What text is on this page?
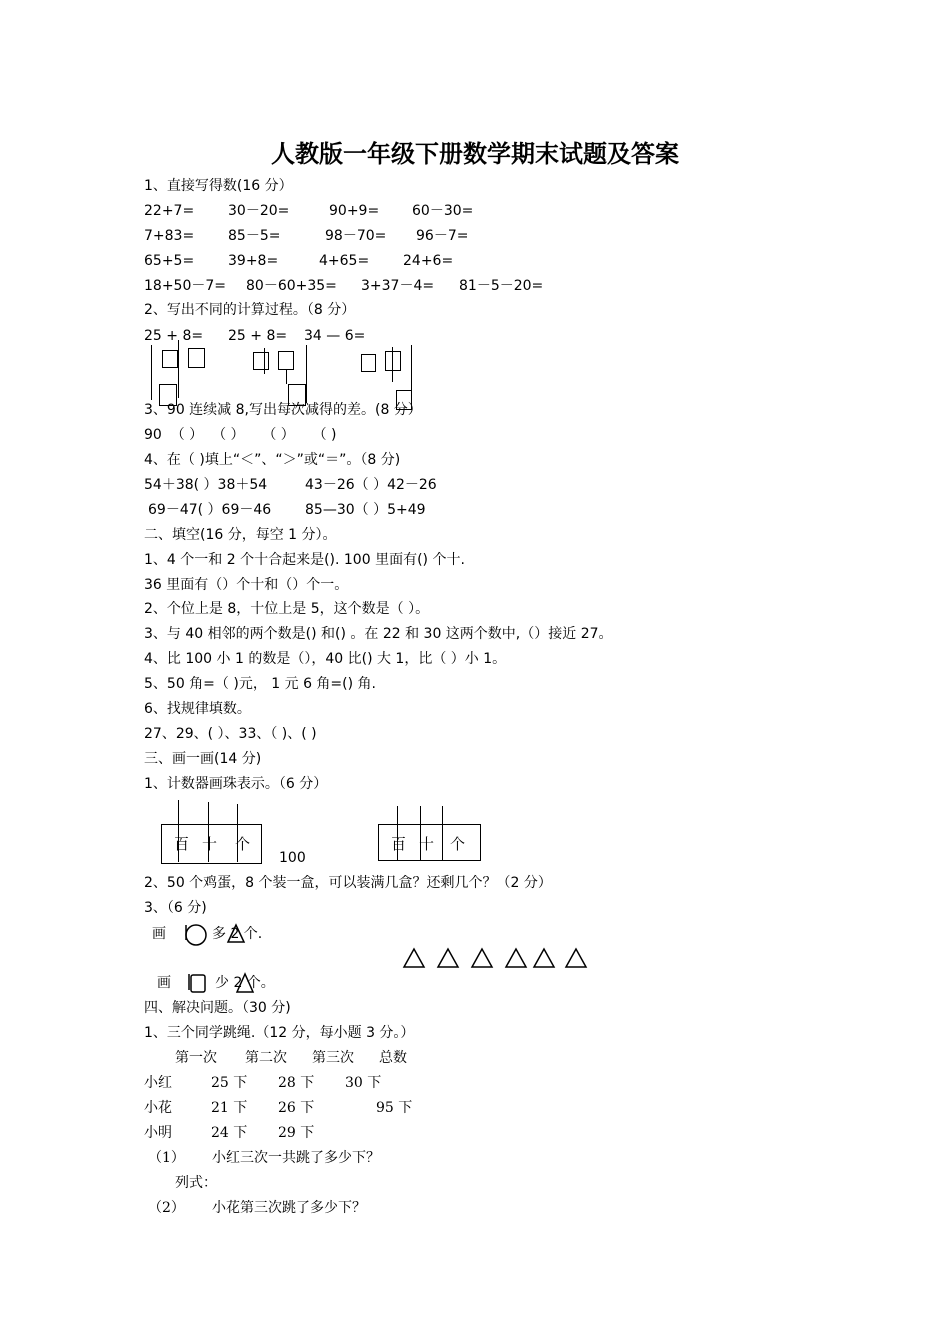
人教版一年级下册数学期末试题及答案
1、直接写得数(16 分）
22+7= 30－20=	90+9= 60－30=
7+83= 85－5=	98－70= 96－7=
65+5= 39+8=	4+65= 24+6=
18+50－7= 80－60+35= 3+37－4= 81－5－20=
2、写出不同的计算过程。（8 分）
25 + 8= 25 + 8= 34 — 6=
3、90 连续减 8,写出每次减得的差。(8 分）
90  （ ）  （ ）    （ ）    （ )
4、在（ )填上“＜”、“＞”或“＝”。（8 分)
54＋38( ）38＋54	43－26（ ）42－26
69－47( ）69－46 85—30（ ）5+49
二、填空(16 分，每空 1 分）。
1、4 个一和 2 个十合起来是(). 100 里面有() 个十.
36 里面有（）个十和（）个一。
2、个位上是 8，十位上是 5，这个数是（ ）。
3、与 40 相邻的两个数是() 和() 。在 22 和 30 这两个数中,（）接近 27。
4、比 100 小 1 的数是（），40 比() 大 1，比（ ）小 1。
5、50 角=（ )元， 1 元 6 角=() 角.
6、找规律填数。
27、29、( ）、33、（ )、( )
三、画一画(14 分)
1、计数器画珠表示。（6 分）
百 十 个
100
百 十 个
2、50 个鸡蛋，8 个装一盒，可以装满几盒？还剩几个？（2 分）
3、（6 分)
画	多 2 个.
画	少 2 个。
四、解决问题。（30 分)
1、三个同学跳绳.（12 分，每小题 3 分。）
第一次 第二次 第三次 总数
小红	25 下 28 下 30 下
小花	21 下 26 下	95 下
小明	24 下 29 下
（1） 小红三次一共跳了多少下？
列式：
（2） 小花第三次跳了多少下？
